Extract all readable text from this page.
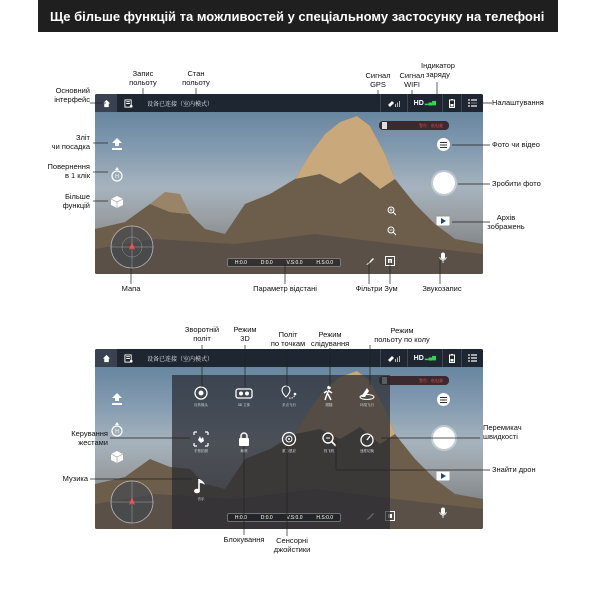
Ще більше функцій та можливостей у спеціальному застосунку на телефоні
设备已连接（室内模式）	HD ▂▄▆
H
警告：低电量
H:0.0	D:0.0	V.S:0.0	H.S:0.0
设备已连接（室内模式）	HD ▂▄▆
H
警告：低电量
反转镜头	3D 立体	多点飞行	跟随	环绕飞行
手势拍照	解锁	重力感应	找飞机	速度切换
音乐
H:0.0	D:0.0	V.S:0.0	H.S:0.0
Основний
інтерфейс
Запис
польоту
Стан
польоту
Сигнал
GPS
Сигнал
WIFI
Індикатор
заряду
Налаштування
Зліт
чи посадка
Повернення
в 1 клік
Більше
функцій
Фото чи відео
Зробити фото
Архів
зображень
Мапа	Параметр відстані	Фільтри Зум	Звукозапис
Зворотній
політ
Режим
3D	Політ
по точкам
Режим
слідування
Режим
польоту по колу
Керування
жестами
Перемикач
швидкості
Знайти дрон
Музика
Блокування	Сенсорні
джойстики
